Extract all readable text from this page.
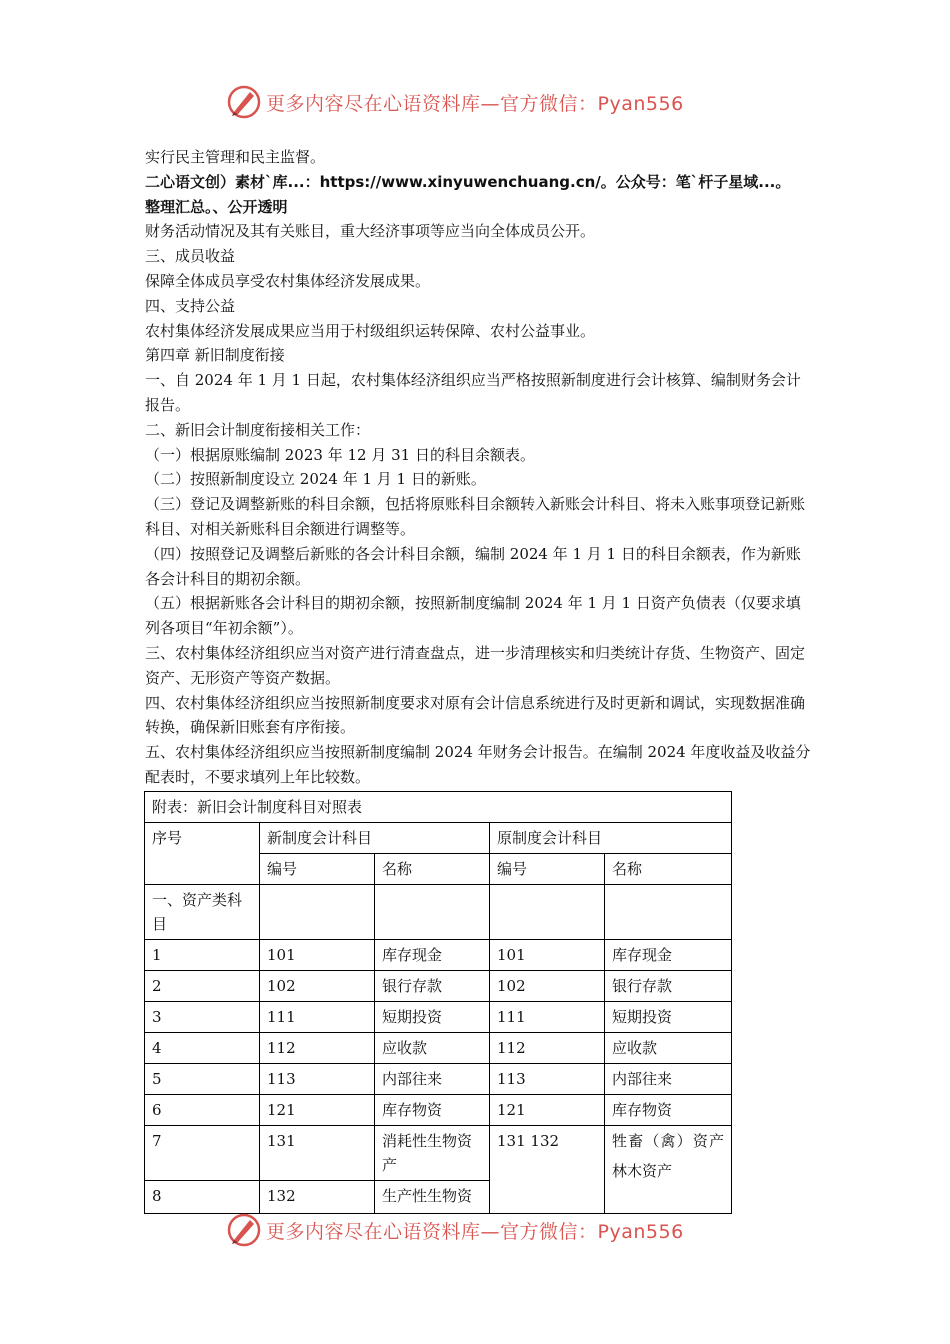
更多内容尽在心语资料库—官方微信：Pyan556

实行民主管理和民主监督。

二心语文创）素材`库...：https://www.xinyuwenchuang.cn/。公众号：笔`杆子星域...。

整理汇总。、公开透明

财务活动情况及其有关账目，重大经济事项等应当向全体成员公开。

三、成员收益

保障全体成员享受农村集体经济发展成果。

四、支持公益

农村集体经济发展成果应当用于村级组织运转保障、农村公益事业。

第四章 新旧制度衔接

一、自 2024 年 1 月 1 日起，农村集体经济组织应当严格按照新制度进行会计核算、编制财务会计报告。

二、新旧会计制度衔接相关工作：

（一）根据原账编制 2023 年 12 月 31 日的科目余额表。

（二）按照新制度设立 2024 年 1 月 1 日的新账。

（三）登记及调整新账的科目余额，包括将原账科目余额转入新账会计科目、将未入账事项登记新账科目、对相关新账科目余额进行调整等。

（四）按照登记及调整后新账的各会计科目余额，编制 2024 年 1 月 1 日的科目余额表，作为新账各会计科目的期初余额。

（五）根据新账各会计科目的期初余额，按照新制度编制 2024 年 1 月 1 日资产负债表（仅要求填列各项目“年初余额”）。

三、农村集体经济组织应当对资产进行清查盘点，进一步清理核实和归类统计存货、生物资产、固定资产、无形资产等资产数据。

四、农村集体经济组织应当按照新制度要求对原有会计信息系统进行及时更新和调试，实现数据准确转换，确保新旧账套有序衔接。

五、农村集体经济组织应当按照新制度编制 2024 年财务会计报告。在编制 2024 年度收益及收益分配表时，不要求填列上年比较数。

附表：新旧会计制度科目对照表				
序号	新制度会计科目		原制度会计科目	
	编号	名称	编号	名称
一、资产类科目				
1	101	库存现金	101	库存现金
2	102	银行存款	102	银行存款
3	111	短期投资	111	短期投资
4	112	应收款	112	应收款
5	113	内部往来	113	内部往来
6	121	库存物资	121	库存物资
7	131	消耗性生物资产	131 132	牲畜（禽）资产
林木资产

8	132	生产性生物资		
更多内容尽在心语资料库—官方微信：Pyan556
